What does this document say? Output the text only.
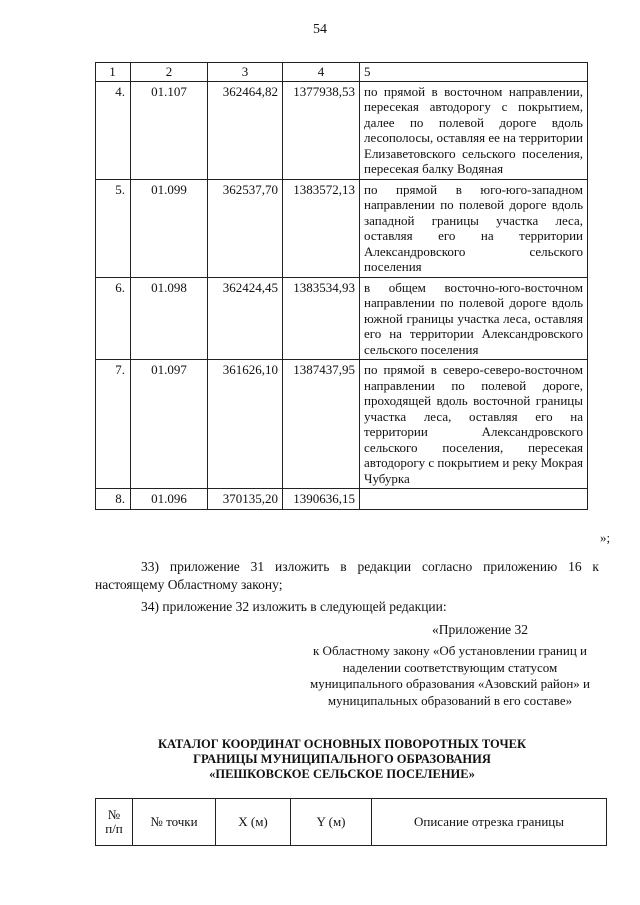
54
1	2	3	4	5
4.	01.107	362464,82	1377938,53	по прямой в восточном направлении, пересекая автодорогу с покрытием, далее по полевой дороге вдоль лесополосы, оставляя ее на территории Елизаветовского сельского поселения, пересекая балку Водяная
5.	01.099	362537,70	1383572,13	по прямой в юго-юго-западном направлении по полевой дороге вдоль западной границы участка леса, оставляя его на территории Александровского сельского поселения
6.	01.098	362424,45	1383534,93	в общем восточно-юго-восточном направлении по полевой дороге вдоль южной границы участка леса, оставляя его на территории Александровского сельского поселения
7.	01.097	361626,10	1387437,95	по прямой в северо-северо-восточном направлении по полевой дороге, проходящей вдоль восточной границы участка леса, оставляя его на территории Александровского сельского поселения, пересекая автодорогу с покрытием и реку Мокрая Чубурка
8.	01.096	370135,20	1390636,15	
»;
33) приложение 31 изложить в редакции согласно приложению 16 к настоящему Областному закону;
34) приложение 32 изложить в следующей редакции:
«Приложение 32
к Областному закону «Об установлении границ и наделении соответствующим статусом муниципального образования «Азовский район» и муниципальных образований в его составе»
КАТАЛОГ КООРДИНАТ ОСНОВНЫХ ПОВОРОТНЫХ ТОЧЕК
ГРАНИЦЫ МУНИЦИПАЛЬНОГО ОБРАЗОВАНИЯ
«ПЕШКОВСКОЕ СЕЛЬСКОЕ ПОСЕЛЕНИЕ»
№
п/п	№ точки	X (м)	Y (м)	Описание отрезка границы
